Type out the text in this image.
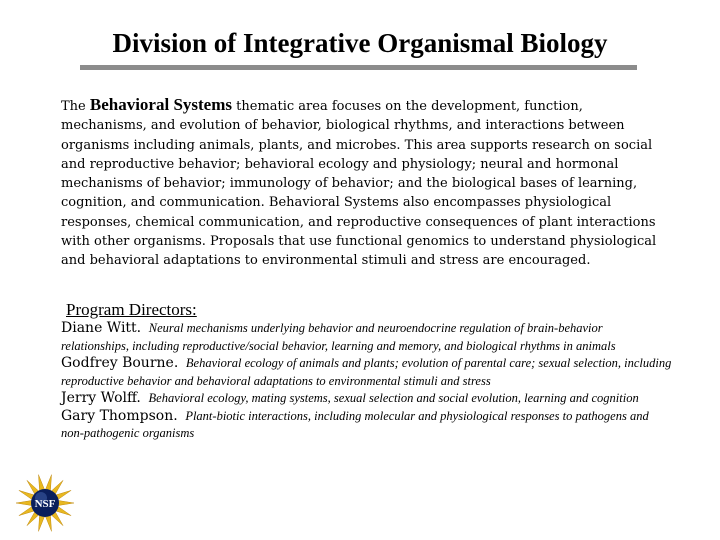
Division of Integrative Organismal Biology
The Behavioral Systems thematic area focuses on the development, function, mechanisms, and evolution of behavior, biological rhythms, and interactions between organisms including animals, plants, and microbes. This area supports research on social and reproductive behavior; behavioral ecology and physiology; neural and hormonal mechanisms of behavior; immunology of behavior; and the biological bases of learning, cognition, and communication. Behavioral Systems also encompasses physiological responses, chemical communication, and reproductive consequences of plant interactions with other organisms. Proposals that use functional genomics to understand physiological and behavioral adaptations to environmental stimuli and stress are encouraged.
Program Directors:
Diane Witt. Neural mechanisms underlying behavior and neuroendocrine regulation of brain-behavior relationships, including reproductive/social behavior, learning and memory, and biological rhythms in animals
Godfrey Bourne. Behavioral ecology of animals and plants; evolution of parental care; sexual selection, including reproductive behavior and behavioral adaptations to environmental stimuli and stress
Jerry Wolff. Behavioral ecology, mating systems, sexual selection and social evolution, learning and cognition
Gary Thompson. Plant-biotic interactions, including molecular and physiological responses to pathogens and non-pathogenic organisms
NSF
